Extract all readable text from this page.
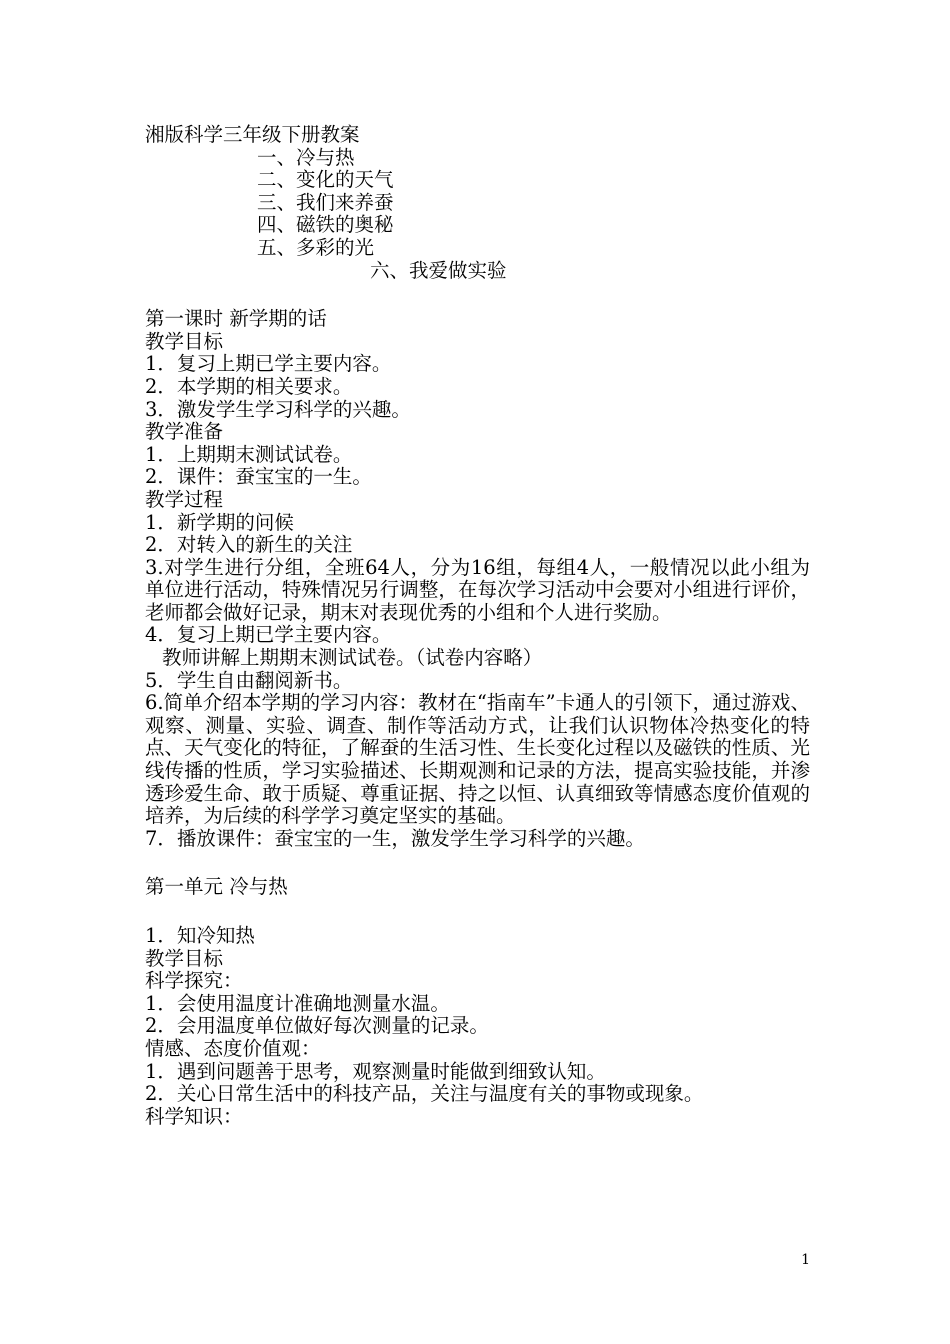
湘版科学三年级下册教案
一、冷与热
二、变化的天气
三、我们来养蚕
四、磁铁的奥秘
五、多彩的光
六、我爱做实验
第一课时 新学期的话
教学目标
1．复习上期已学主要内容。
2．本学期的相关要求。
3．激发学生学习科学的兴趣。
教学准备
1．上期期末测试试卷。
2．课件：蚕宝宝的一生。
教学过程
1．新学期的问候
2．对转入的新生的关注
3.对学生进行分组，全班64人，分为16组，每组4人，一般情况以此小组为单位进行活动，特殊情况另行调整，在每次学习活动中会要对小组进行评价，老师都会做好记录，期末对表现优秀的小组和个人进行奖励。
4．复习上期已学主要内容。
教师讲解上期期末测试试卷。（试卷内容略）
5．学生自由翻阅新书。
6.简单介绍本学期的学习内容：教材在“指南车”卡通人的引领下，通过游戏、观察、测量、实验、调查、制作等活动方式，让我们认识物体冷热变化的特点、天气变化的特征，了解蚕的生活习性、生长变化过程以及磁铁的性质、光线传播的性质，学习实验描述、长期观测和记录的方法，提高实验技能，并渗透珍爱生命、敢于质疑、尊重证据、持之以恒、认真细致等情感态度价值观的培养，为后续的科学学习奠定坚实的基础。
7．播放课件：蚕宝宝的一生，激发学生学习科学的兴趣。
第一单元 冷与热
1．知冷知热
教学目标
科学探究：
1．会使用温度计准确地测量水温。
2．会用温度单位做好每次测量的记录。
情感、态度价值观：
1．遇到问题善于思考，观察测量时能做到细致认知。
2．关心日常生活中的科技产品，关注与温度有关的事物或现象。
科学知识：
1
